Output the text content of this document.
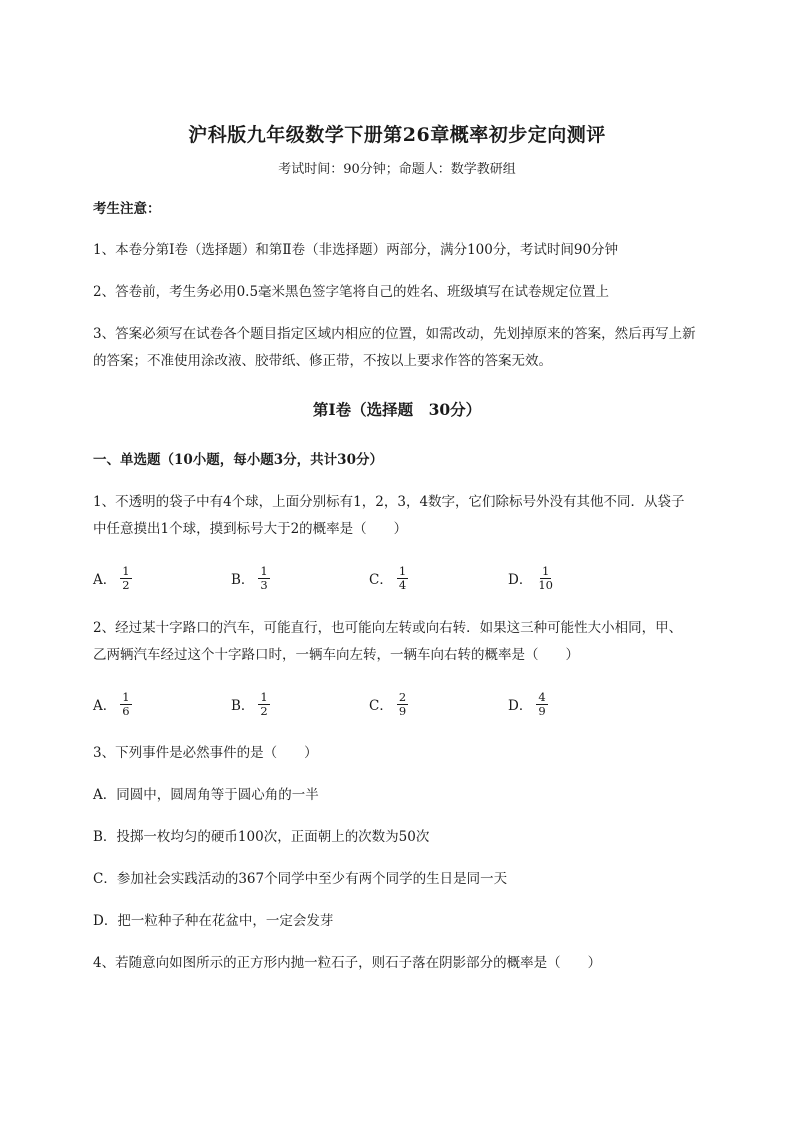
沪科版九年级数学下册第26章概率初步定向测评
考试时间：90分钟；命题人：数学教研组
考生注意：
1、本卷分第Ⅰ卷（选择题）和第Ⅱ卷（非选择题）两部分，满分100分，考试时间90分钟
2、答卷前，考生务必用0.5毫米黑色签字笔将自己的姓名、班级填写在试卷规定位置上
3、答案必须写在试卷各个题目指定区域内相应的位置，如需改动，先划掉原来的答案，然后再写上新
的答案；不准使用涂改液、胶带纸、修正带，不按以上要求作答的答案无效。
第Ⅰ卷（选择题　30分）
一、单选题（10小题，每小题3分，共计30分）
1、不透明的袋子中有4个球，上面分别标有1，2，3，4数字，它们除标号外没有其他不同．从袋子
中任意摸出1个球，摸到标号大于2的概率是（　　）
A． $\frac{1}{2}$	B． $\frac{1}{3}$	C． $\frac{1}{4}$	D． $\frac{1}{10}$
2、经过某十字路口的汽车，可能直行，也可能向左转或向右转．如果这三种可能性大小相同，甲、
乙两辆汽车经过这个十字路口时，一辆车向左转，一辆车向右转的概率是（　　）
A． $\frac{1}{6}$	B． $\frac{1}{2}$	C． $\frac{2}{9}$	D． $\frac{4}{9}$
3、下列事件是必然事件的是（　　）
A．同圆中，圆周角等于圆心角的一半
B．投掷一枚均匀的硬币100次，正面朝上的次数为50次
C．参加社会实践活动的367个同学中至少有两个同学的生日是同一天
D．把一粒种子种在花盆中，一定会发芽
4、若随意向如图所示的正方形内抛一粒石子，则石子落在阴影部分的概率是（　　）
